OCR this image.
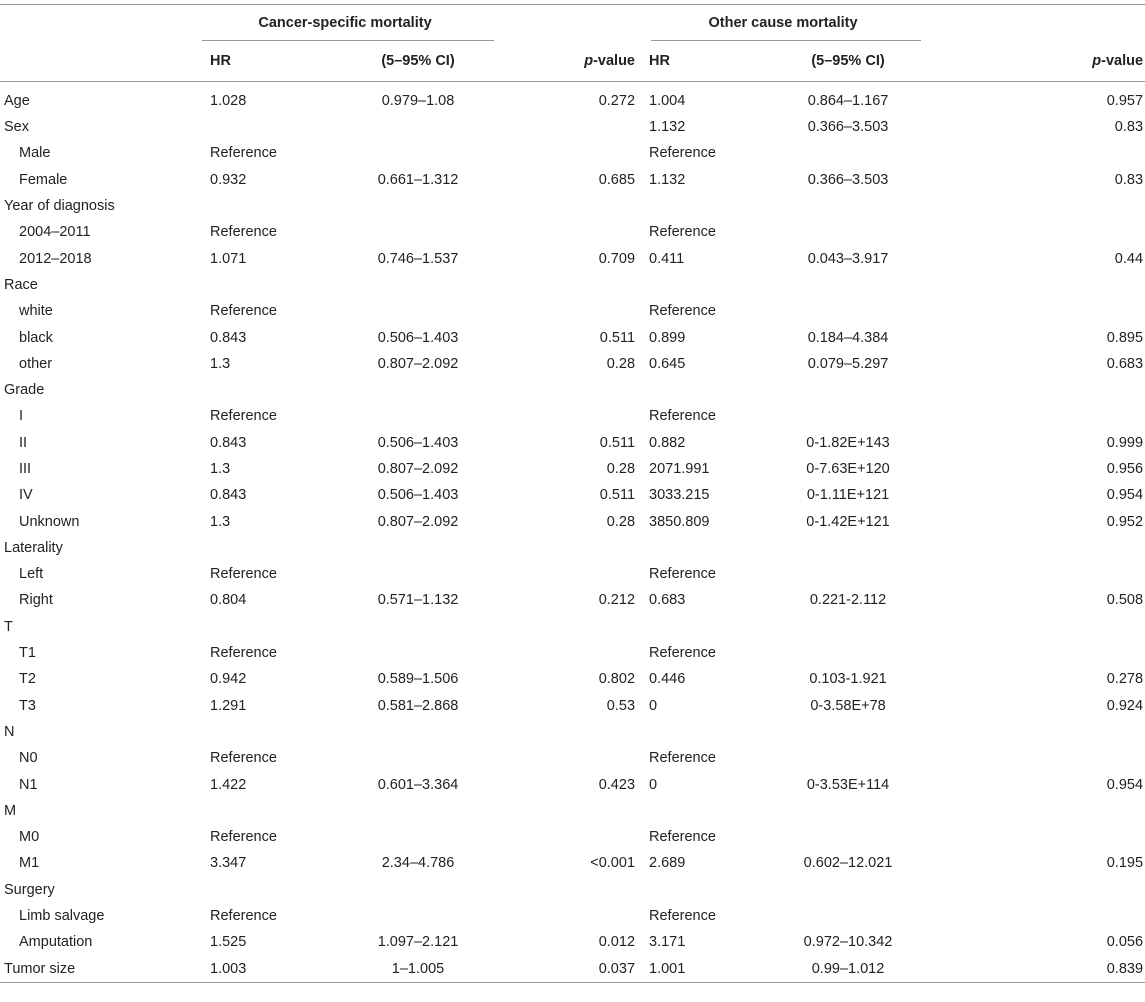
	Cancer-specific mortality			Other cause mortality	

	HR	(5–95% CI)	p-value	HR	(5–95% CI)	p-value
Age	1.028	0.979–1.08	0.272	1.004	0.864–1.167	0.957
Sex				1.132	0.366–3.503	0.83
Male	Reference			Reference		
Female	0.932	0.661–1.312	0.685	1.132	0.366–3.503	0.83
Year of diagnosis						
2004–2011	Reference			Reference		
2012–2018	1.071	0.746–1.537	0.709	0.411	0.043–3.917	0.44
Race						
white	Reference			Reference		
black	0.843	0.506–1.403	0.511	0.899	0.184–4.384	0.895
other	1.3	0.807–2.092	0.28	0.645	0.079–5.297	0.683
Grade						
I	Reference			Reference		
II	0.843	0.506–1.403	0.511	0.882	0-1.82E+143	0.999
III	1.3	0.807–2.092	0.28	2071.991	0-7.63E+120	0.956
IV	0.843	0.506–1.403	0.511	3033.215	0-1.11E+121	0.954
Unknown	1.3	0.807–2.092	0.28	3850.809	0-1.42E+121	0.952
Laterality						
Left	Reference			Reference		
Right	0.804	0.571–1.132	0.212	0.683	0.221-2.112	0.508
T						
T1	Reference			Reference		
T2	0.942	0.589–1.506	0.802	0.446	0.103-1.921	0.278
T3	1.291	0.581–2.868	0.53	0	0-3.58E+78	0.924
N						
N0	Reference			Reference		
N1	1.422	0.601–3.364	0.423	0	0-3.53E+114	0.954
M						
M0	Reference			Reference		
M1	3.347	2.34–4.786	<0.001	2.689	0.602–12.021	0.195
Surgery						
Limb salvage	Reference			Reference		
Amputation	1.525	1.097–2.121	0.012	3.171	0.972–10.342	0.056
Tumor size	1.003	1–1.005	0.037	1.001	0.99–1.012	0.839
